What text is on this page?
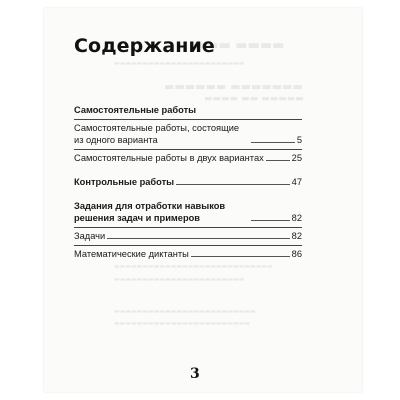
▬▬▬ ▬▬▬▬
▬▬▬▬▬▬▬▬▬▬▬▬▬▬▬▬▬▬▬▬▬▬▬
▬▬▬▬▬▬ ▬▬▬▬▬▬▬
▬▬▬▬ ▬▬ ▬▬▬▬▬
▬▬▬▬▬▬▬▬▬▬▬▬▬▬▬▬▬▬▬▬▬▬▬▬▬▬▬▬
▬▬▬▬▬▬▬▬▬▬▬▬▬▬▬▬▬▬▬▬▬▬▬
▬▬▬▬▬▬▬▬▬▬▬▬▬▬▬▬▬▬▬▬▬▬▬▬▬
▬▬▬▬▬▬▬▬▬▬▬▬▬▬▬▬▬▬▬▬▬▬▬▬
Содержание

Самостоятельные работы

Самостоятельные работы, состоящие из одного варианта	5
Самостоятельные работы в двух вариантах	25
Контрольные работы	47
Задания для отработки навыков решения задач и примеров	82
Задачи	82
Математические диктанты	86
3
